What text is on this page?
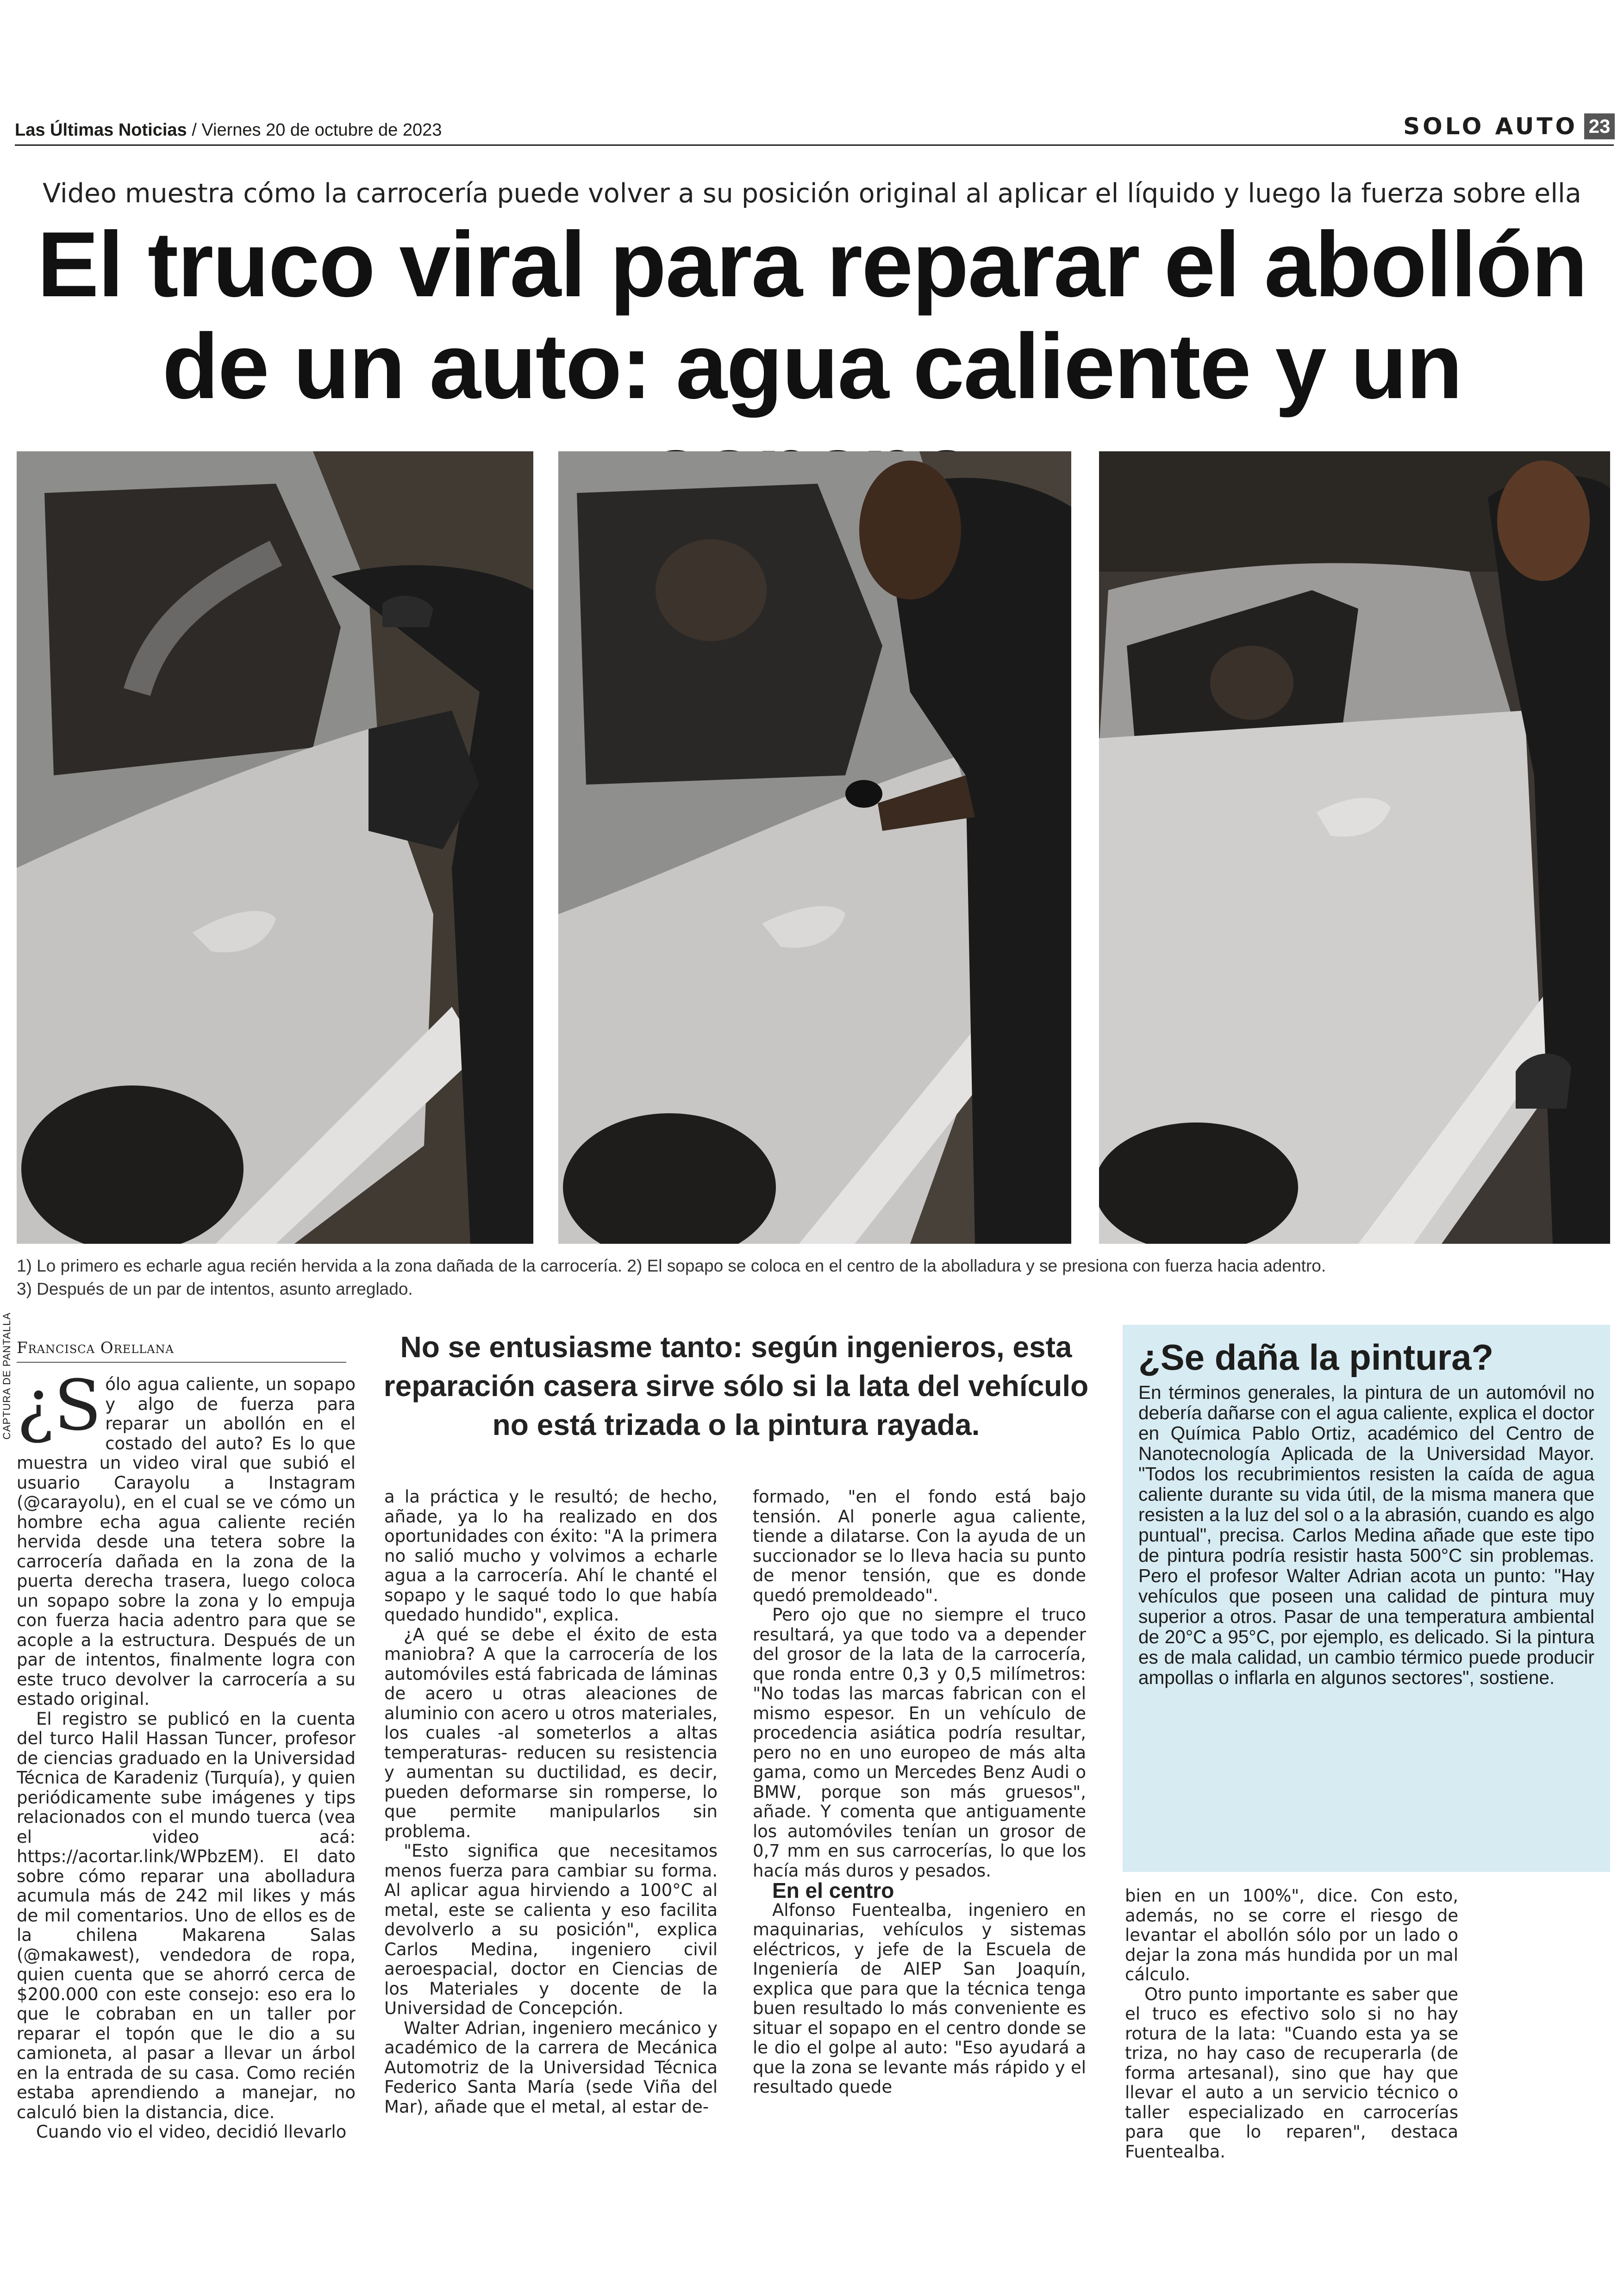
Las Últimas Noticias / Viernes 20 de octubre de 2023	SOLO AUTO 23
Video muestra cómo la carrocería puede volver a su posición original al aplicar el líquido y luego la fuerza sobre ella
El truco viral para reparar el abollón de un auto: agua caliente y un
CAPTURA DE PANTALLA
1) Lo primero es echarle agua recién hervida a la zona dañada de la carrocería. 2) El sopapo se coloca en el centro de la abolladura y se presiona con fuerza hacia adentro.
3) Después de un par de intentos, asunto arreglado.
Francisca Orellana	No se entusiasme tanto: según ingenieros, esta reparación casera sirve sólo si la lata del vehículo no está trizada o la pintura rayada.

¿S ólo agua caliente, un sopapo y algo de fuerza para reparar un abollón en el costado del auto? Es lo que muestra un video viral que subió el usuario Carayolu a Instagram (@carayolu), en el cual se ve cómo un hombre echa agua caliente recién hervida desde una tetera sobre la carrocería dañada en la zona de la puerta derecha trasera, luego coloca un sopapo sobre la zona y lo empuja con fuerza hacia adentro para que se acople a la estructura. Después de un par de intentos, finalmente logra con este truco devolver la carrocería a su estado original.

El registro se publicó en la cuenta del turco Halil Hassan Tuncer, profesor de ciencias graduado en la Universidad Técnica de Karadeniz (Turquía), y quien periódicamente sube imágenes y tips relacionados con el mundo tuerca (vea el video acá: https://acortar.link/WPbzEM). El dato sobre cómo reparar una abolladura acumula más de 242 mil likes y más de mil comentarios. Uno de ellos es de la chilena Makarena Salas (@makawest), vendedora de ropa, quien cuenta que se ahorró cerca de $200.000 con este consejo: eso era lo que le cobraban en un taller por reparar el topón que le dio a su camioneta, al pasar a llevar un árbol en la entrada de su casa. Como recién estaba aprendiendo a manejar, no calculó bien la distancia, dice.

Cuando vio el video, decidió llevarlo

a la práctica y le resultó; de hecho, añade, ya lo ha realizado en dos oportunidades con éxito: "A la primera no salió mucho y volvimos a echarle agua a la carrocería. Ahí le chanté el sopapo y le saqué todo lo que había quedado hundido", explica.

¿A qué se debe el éxito de esta maniobra? A que la carrocería de los automóviles está fabricada de láminas de acero u otras aleaciones de aluminio con acero u otros materiales, los cuales -al someterlos a altas temperaturas- reducen su resistencia y aumentan su ductilidad, es decir, pueden deformarse sin romperse, lo que permite manipularlos sin problema.

"Esto significa que necesitamos menos fuerza para cambiar su forma. Al aplicar agua hirviendo a 100°C al metal, este se calienta y eso facilita devolverlo a su posición", explica Carlos Medina, ingeniero civil aeroespacial, doctor en Ciencias de los Materiales y docente de la Universidad de Concepción.

Walter Adrian, ingeniero mecánico y académico de la carrera de Mecánica Automotriz de la Universidad Técnica Federico Santa María (sede Viña del Mar), añade que el metal, al estar de-

formado, "en el fondo está bajo tensión. Al ponerle agua caliente, tiende a dilatarse. Con la ayuda de un succionador se lo lleva hacia su punto de menor tensión, que es donde quedó premoldeado".

Pero ojo que no siempre el truco resultará, ya que todo va a depender del grosor de la lata de la carrocería, que ronda entre 0,3 y 0,5 milímetros: "No todas las marcas fabrican con el mismo espesor. En un vehículo de procedencia asiática podría resultar, pero no en uno europeo de más alta gama, como un Mercedes Benz Audi o BMW, porque son más gruesos", añade. Y comenta que antiguamente los automóviles tenían un grosor de 0,7 mm en sus carrocerías, lo que los hacía más duros y pesados.

En el centro

Alfonso Fuentealba, ingeniero en maquinarias, vehículos y sistemas eléctricos, y jefe de la Escuela de Ingeniería de AIEP San Joaquín, explica que para que la técnica tenga buen resultado lo más conveniente es situar el sopapo en el centro donde se le dio el golpe al auto: "Eso ayudará a que la zona se levante más rápido y el resultado quede

¿Se daña la pintura?
En términos generales, la pintura de un automóvil no debería dañarse con el agua caliente, explica el doctor en Química Pablo Ortiz, académico del Centro de Nanotecnología Aplicada de la Universidad Mayor. "Todos los recubrimientos resisten la caída de agua caliente durante su vida útil, de la misma manera que resisten a la luz del sol o a la abrasión, cuando es algo puntual", precisa. Carlos Medina añade que este tipo de pintura podría resistir hasta 500°C sin problemas. Pero el profesor Walter Adrian acota un punto: "Hay vehículos que poseen una calidad de pintura muy superior a otros. Pasar de una temperatura ambiental de 20°C a 95°C, por ejemplo, es delicado. Si la pintura es de mala calidad, un cambio térmico puede producir ampollas o inflarla en algunos sectores", sostiene.

bien en un 100%", dice. Con esto, además, no se corre el riesgo de levantar el abollón sólo por un lado o dejar la zona más hundida por un mal cálculo.

Otro punto importante es saber que el truco es efectivo solo si no hay rotura de la lata: "Cuando esta ya se triza, no hay caso de recuperarla (de forma artesanal), sino que hay que llevar el auto a un servicio técnico o taller especializado en carrocerías para que lo reparen", destaca Fuentealba.
